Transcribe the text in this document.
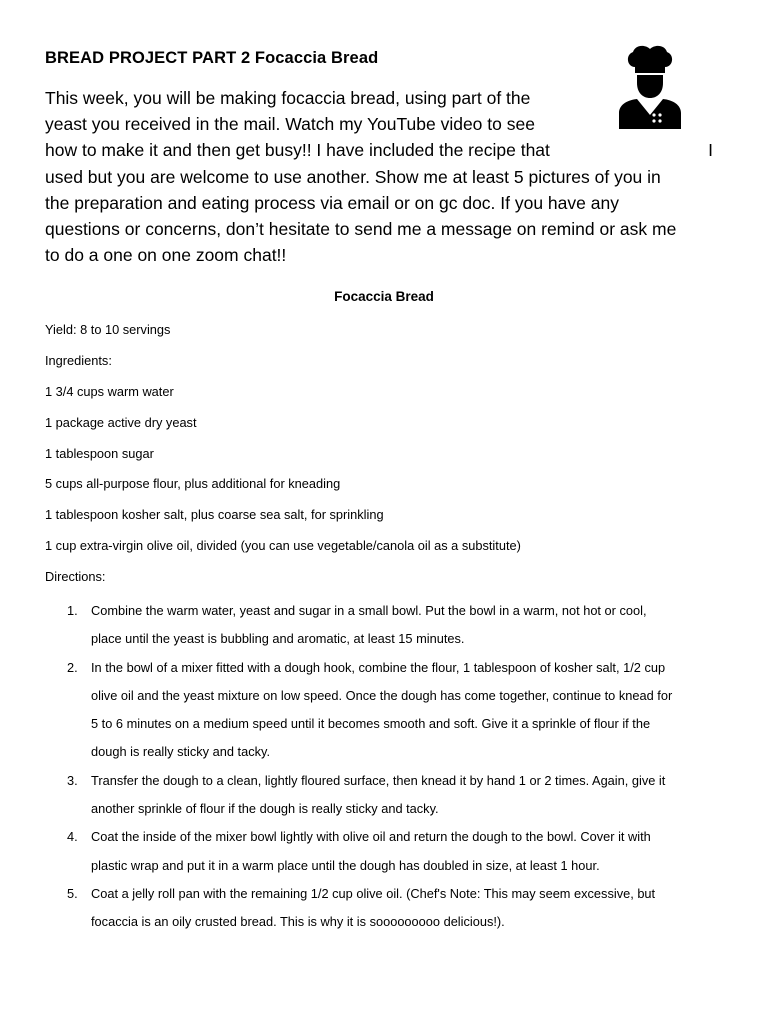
BREAD PROJECT PART 2 Focaccia Bread
This week, you will be making focaccia bread, using part of the
yeast you received in the mail. Watch my YouTube video to see
how to make it and then get busy!! I have included the recipe that	I
used but you are welcome to use another. Show me at least 5 pictures of you in
the preparation and eating process via email or on gc doc. If you have any
questions or concerns, don’t hesitate to send me a message on remind or ask me
to do a one on one zoom chat!!
Focaccia Bread
Yield: 8 to 10 servings
Ingredients:
1 3/4 cups warm water
1 package active dry yeast
1 tablespoon sugar
5 cups all-purpose flour, plus additional for kneading
1 tablespoon kosher salt, plus coarse sea salt, for sprinkling
1 cup extra-virgin olive oil, divided (you can use vegetable/canola oil as a substitute)
Directions:
1. Combine the warm water, yeast and sugar in a small bowl. Put the bowl in a warm, not hot or cool,
place until the yeast is bubbling and aromatic, at least 15 minutes.
2. In the bowl of a mixer fitted with a dough hook, combine the flour, 1 tablespoon of kosher salt, 1/2 cup
olive oil and the yeast mixture on low speed. Once the dough has come together, continue to knead for
5 to 6 minutes on a medium speed until it becomes smooth and soft. Give it a sprinkle of flour if the
dough is really sticky and tacky.
3. Transfer the dough to a clean, lightly floured surface, then knead it by hand 1 or 2 times. Again, give it
another sprinkle of flour if the dough is really sticky and tacky.
4. Coat the inside of the mixer bowl lightly with olive oil and return the dough to the bowl. Cover it with
plastic wrap and put it in a warm place until the dough has doubled in size, at least 1 hour.
5. Coat a jelly roll pan with the remaining 1/2 cup olive oil. (Chef's Note: This may seem excessive, but
focaccia is an oily crusted bread. This is why it is sooooooooo delicious!).
